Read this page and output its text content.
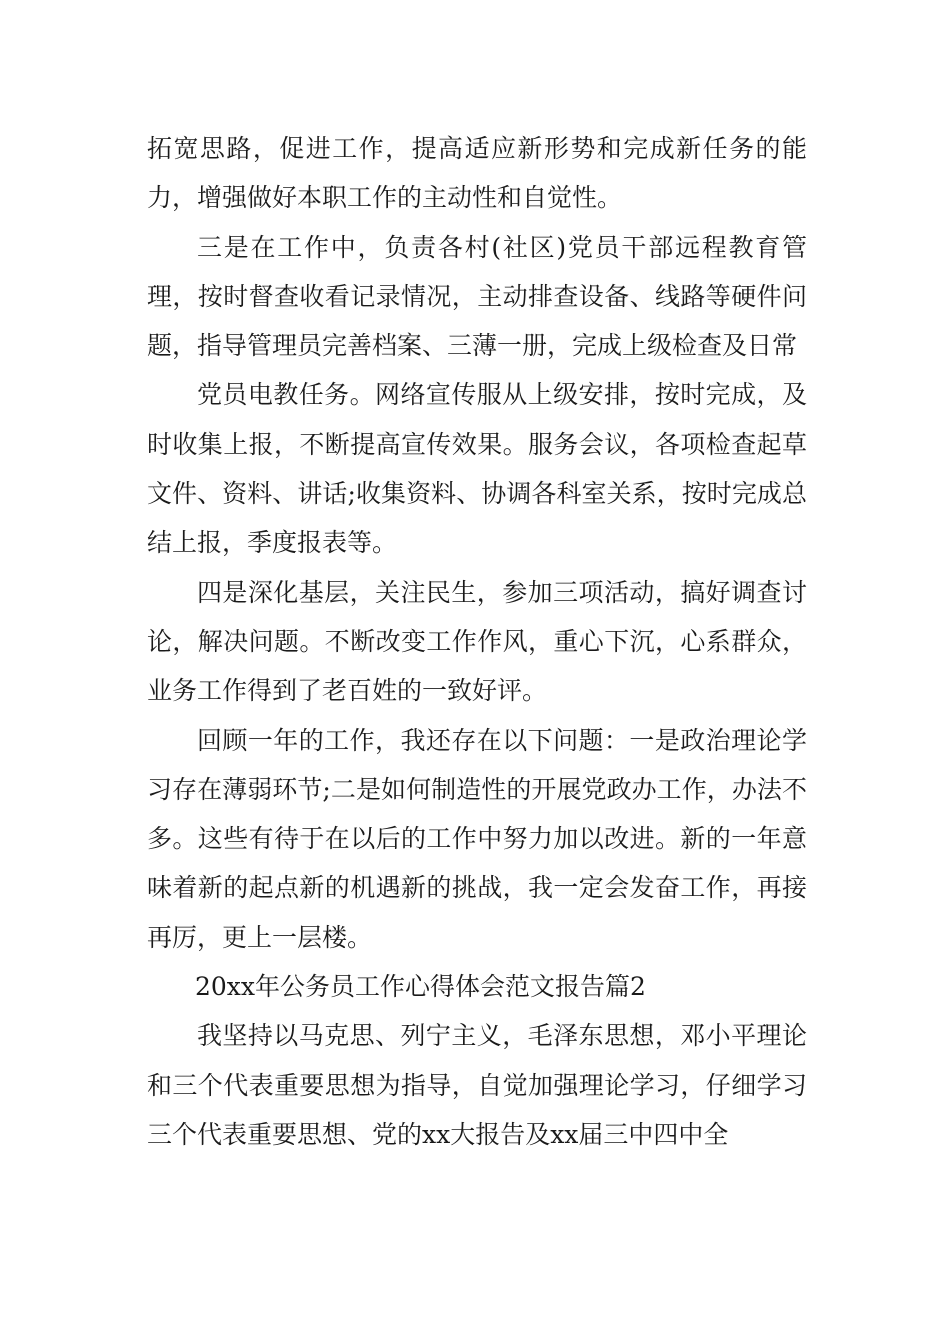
拓宽思路，促进工作，提高适应新形势和完成新任务的能力，增强做好本职工作的主动性和自觉性。

三是在工作中，负责各村(社区)党员干部远程教育管理，按时督查收看记录情况，主动排查设备、线路等硬件问题，指导管理员完善档案、三薄一册，完成上级检查及日常

党员电教任务。网络宣传服从上级安排，按时完成，及时收集上报，不断提高宣传效果。服务会议，各项检查起草文件、资料、讲话;收集资料、协调各科室关系，按时完成总结上报，季度报表等。

四是深化基层，关注民生，参加三项活动，搞好调查讨论，解决问题。不断改变工作作风，重心下沉，心系群众，业务工作得到了老百姓的一致好评。

回顾一年的工作，我还存在以下问题：一是政治理论学习存在薄弱环节;二是如何制造性的开展党政办工作，办法不多。这些有待于在以后的工作中努力加以改进。新的一年意味着新的起点新的机遇新的挑战，我一定会发奋工作，再接再厉，更上一层楼。

20xx年公务员工作心得体会范文报告篇2

我坚持以马克思、列宁主义，毛泽东思想，邓小平理论和三个代表重要思想为指导，自觉加强理论学习，仔细学习三个代表重要思想、党的xx大报告及xx届三中四中全
